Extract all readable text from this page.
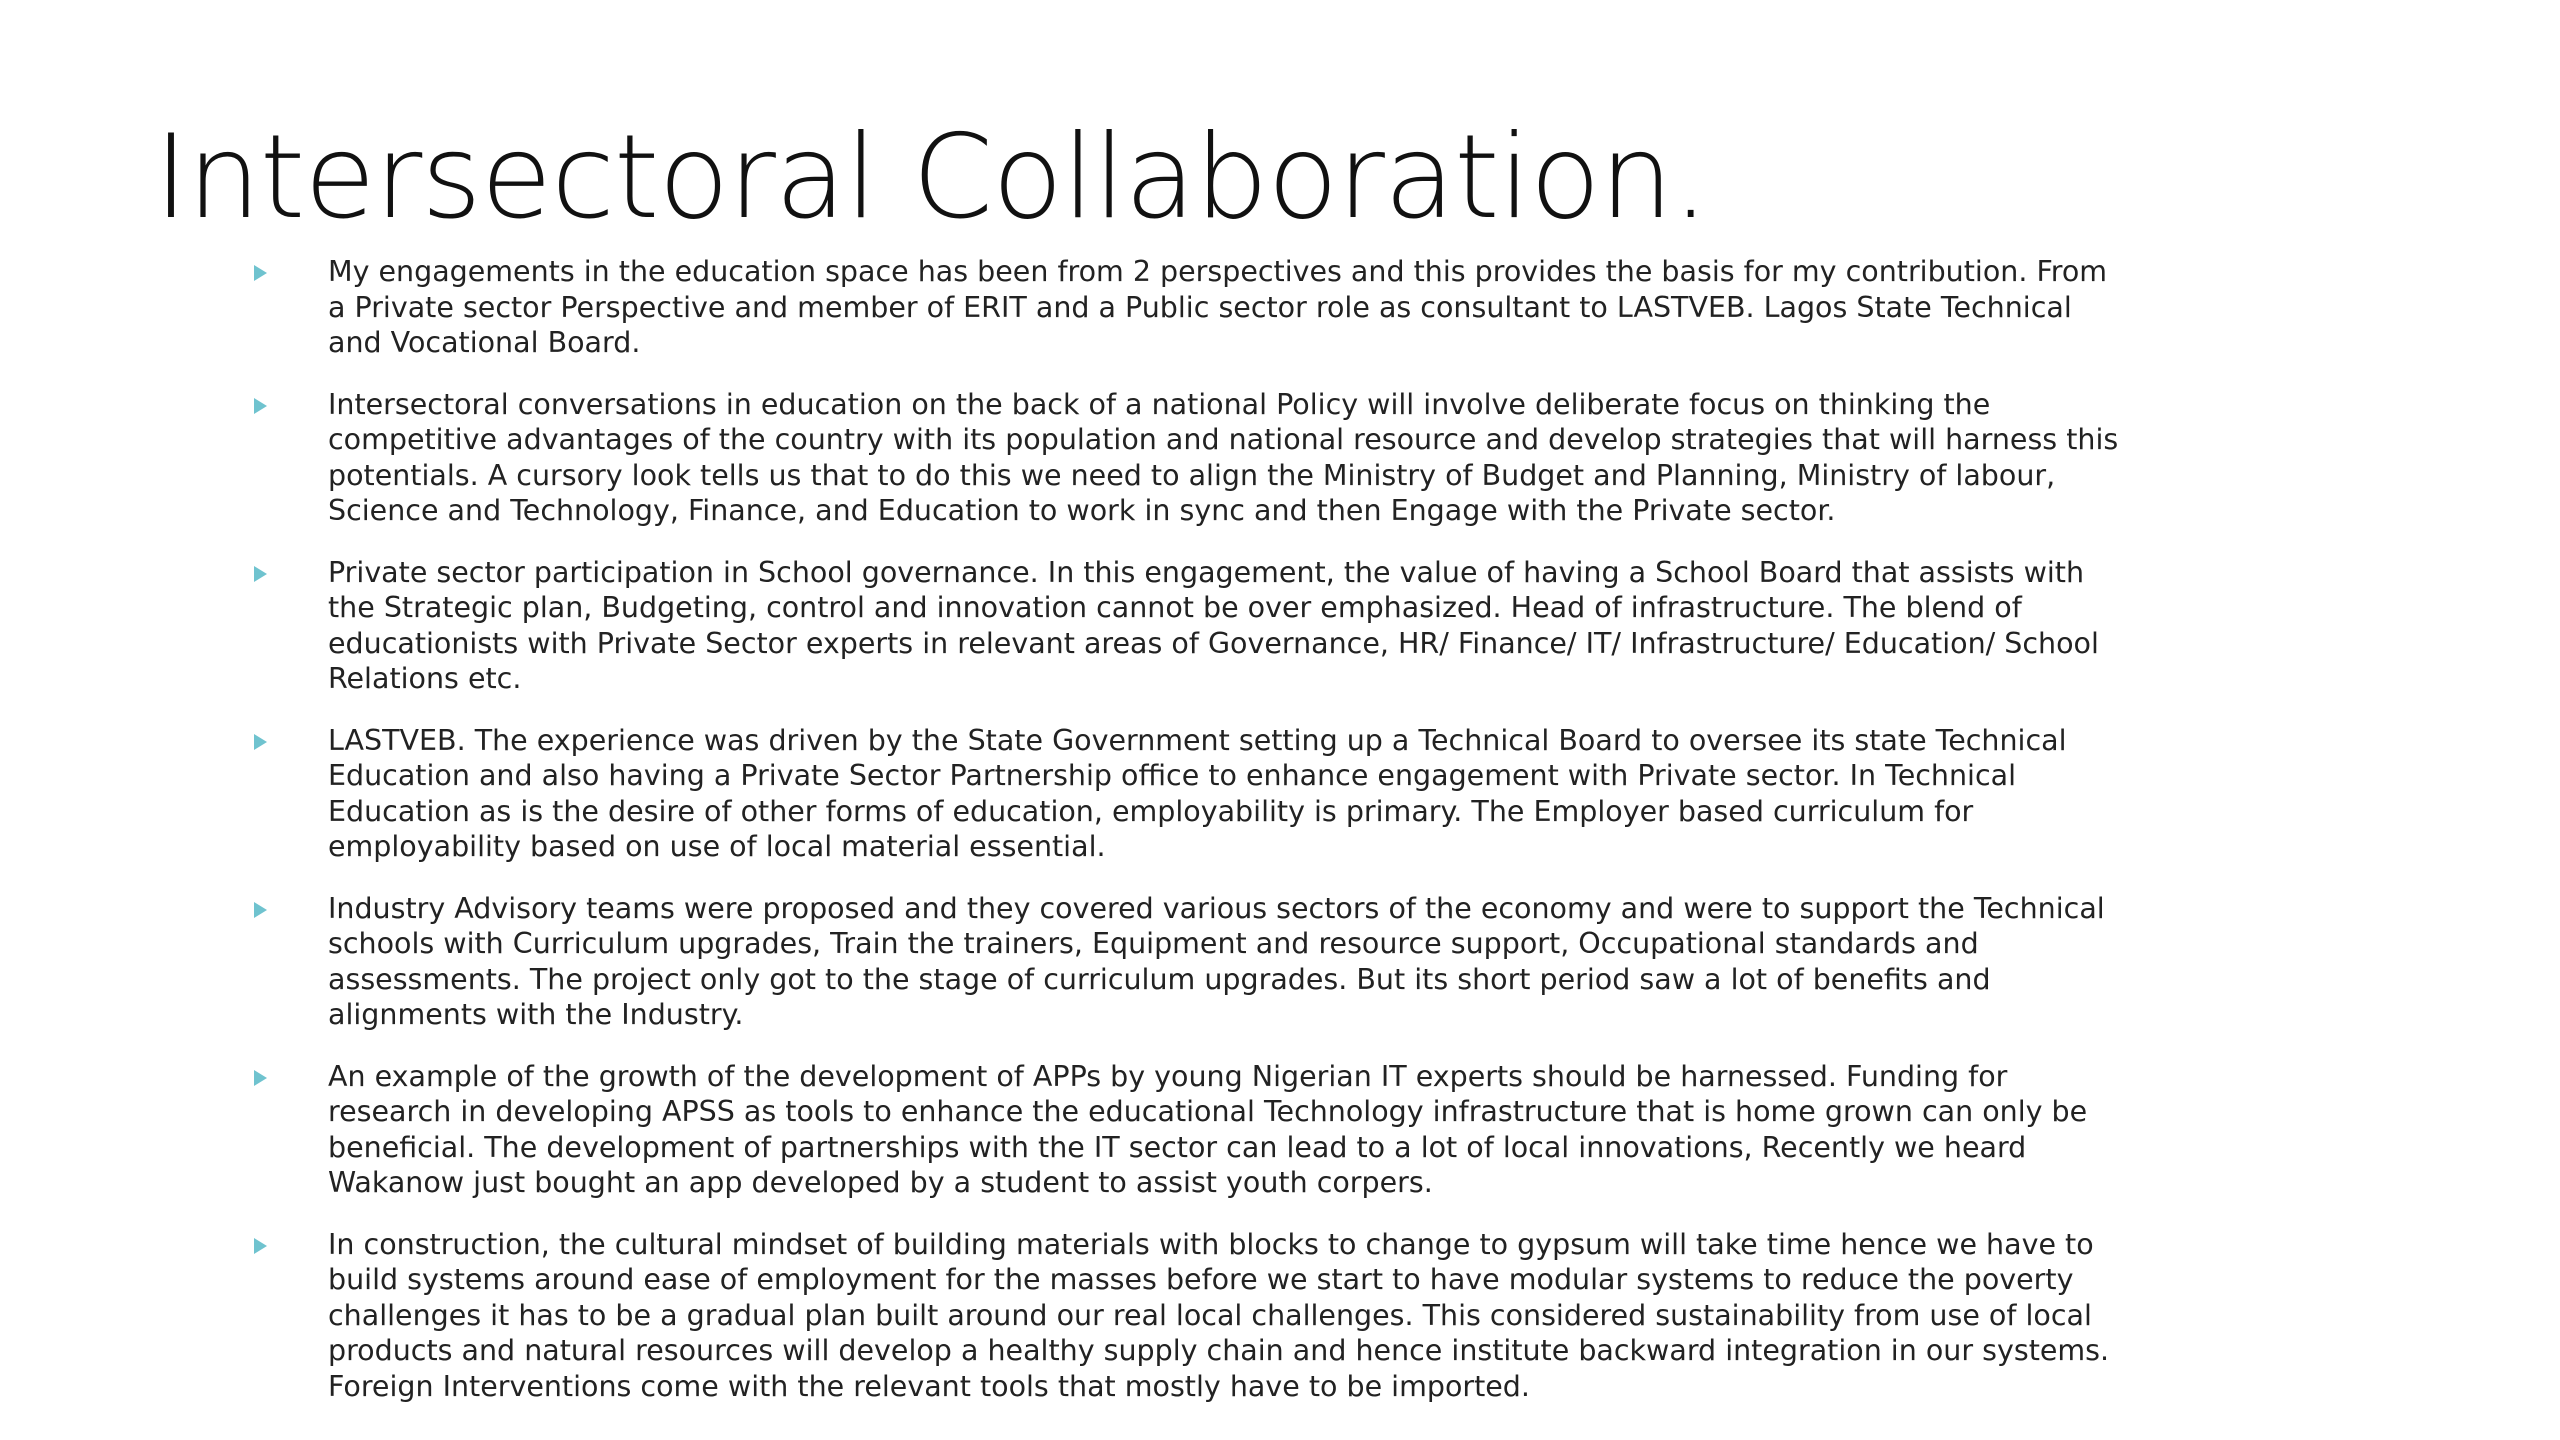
Intersectoral Collaboration.
My engagements in the education space has been from 2 perspectives and this provides the basis for my contribution. From a Private sector Perspective and member of ERIT and a Public sector role as consultant to LASTVEB. Lagos State Technical and Vocational Board.
Intersectoral conversations in education on the back of a national Policy will involve deliberate focus on thinking the competitive advantages of the country with its population and national resource and develop strategies that will harness this potentials. A cursory look tells us that to do this we need to align the Ministry of Budget and Planning, Ministry of labour, Science and Technology, Finance, and Education to work in sync and then Engage with the Private sector.
Private sector participation in School governance. In this engagement, the value of having a School Board that assists with the Strategic plan, Budgeting, control and innovation cannot be over emphasized. Head of infrastructure. The blend of educationists with Private Sector experts in relevant areas of Governance, HR/ Finance/ IT/ Infrastructure/ Education/ School Relations etc.
LASTVEB. The experience was driven by the State Government setting up a Technical Board to oversee its state Technical Education and also having a Private Sector Partnership office to enhance engagement with Private sector. In Technical Education as is the desire of other forms of education, employability is primary. The Employer based curriculum for employability based on use of local material essential.
Industry Advisory teams were proposed and they covered various sectors of the economy and were to support the Technical schools with Curriculum upgrades, Train the trainers, Equipment and resource support, Occupational standards and assessments. The project only got to the stage of curriculum upgrades. But its short period saw a lot of benefits and alignments with the Industry.
An example of the growth of the development of APPs by young Nigerian IT experts should be harnessed. Funding for research in developing APSS as tools to enhance the educational Technology infrastructure that is home grown can only be beneficial. The development of partnerships with the IT sector can lead to a lot of local innovations, Recently we heard Wakanow just bought an app developed by a student to assist youth corpers.
In construction, the cultural mindset of building materials with blocks to change to gypsum will take time hence we have to build systems around ease of employment for the masses before we start to have modular systems to reduce the poverty challenges it has to be a gradual plan built around our real local challenges. This considered sustainability from use of local products and natural resources will develop a healthy supply chain and hence institute backward integration in our systems. Foreign Interventions come with the relevant tools that mostly have to be imported.
